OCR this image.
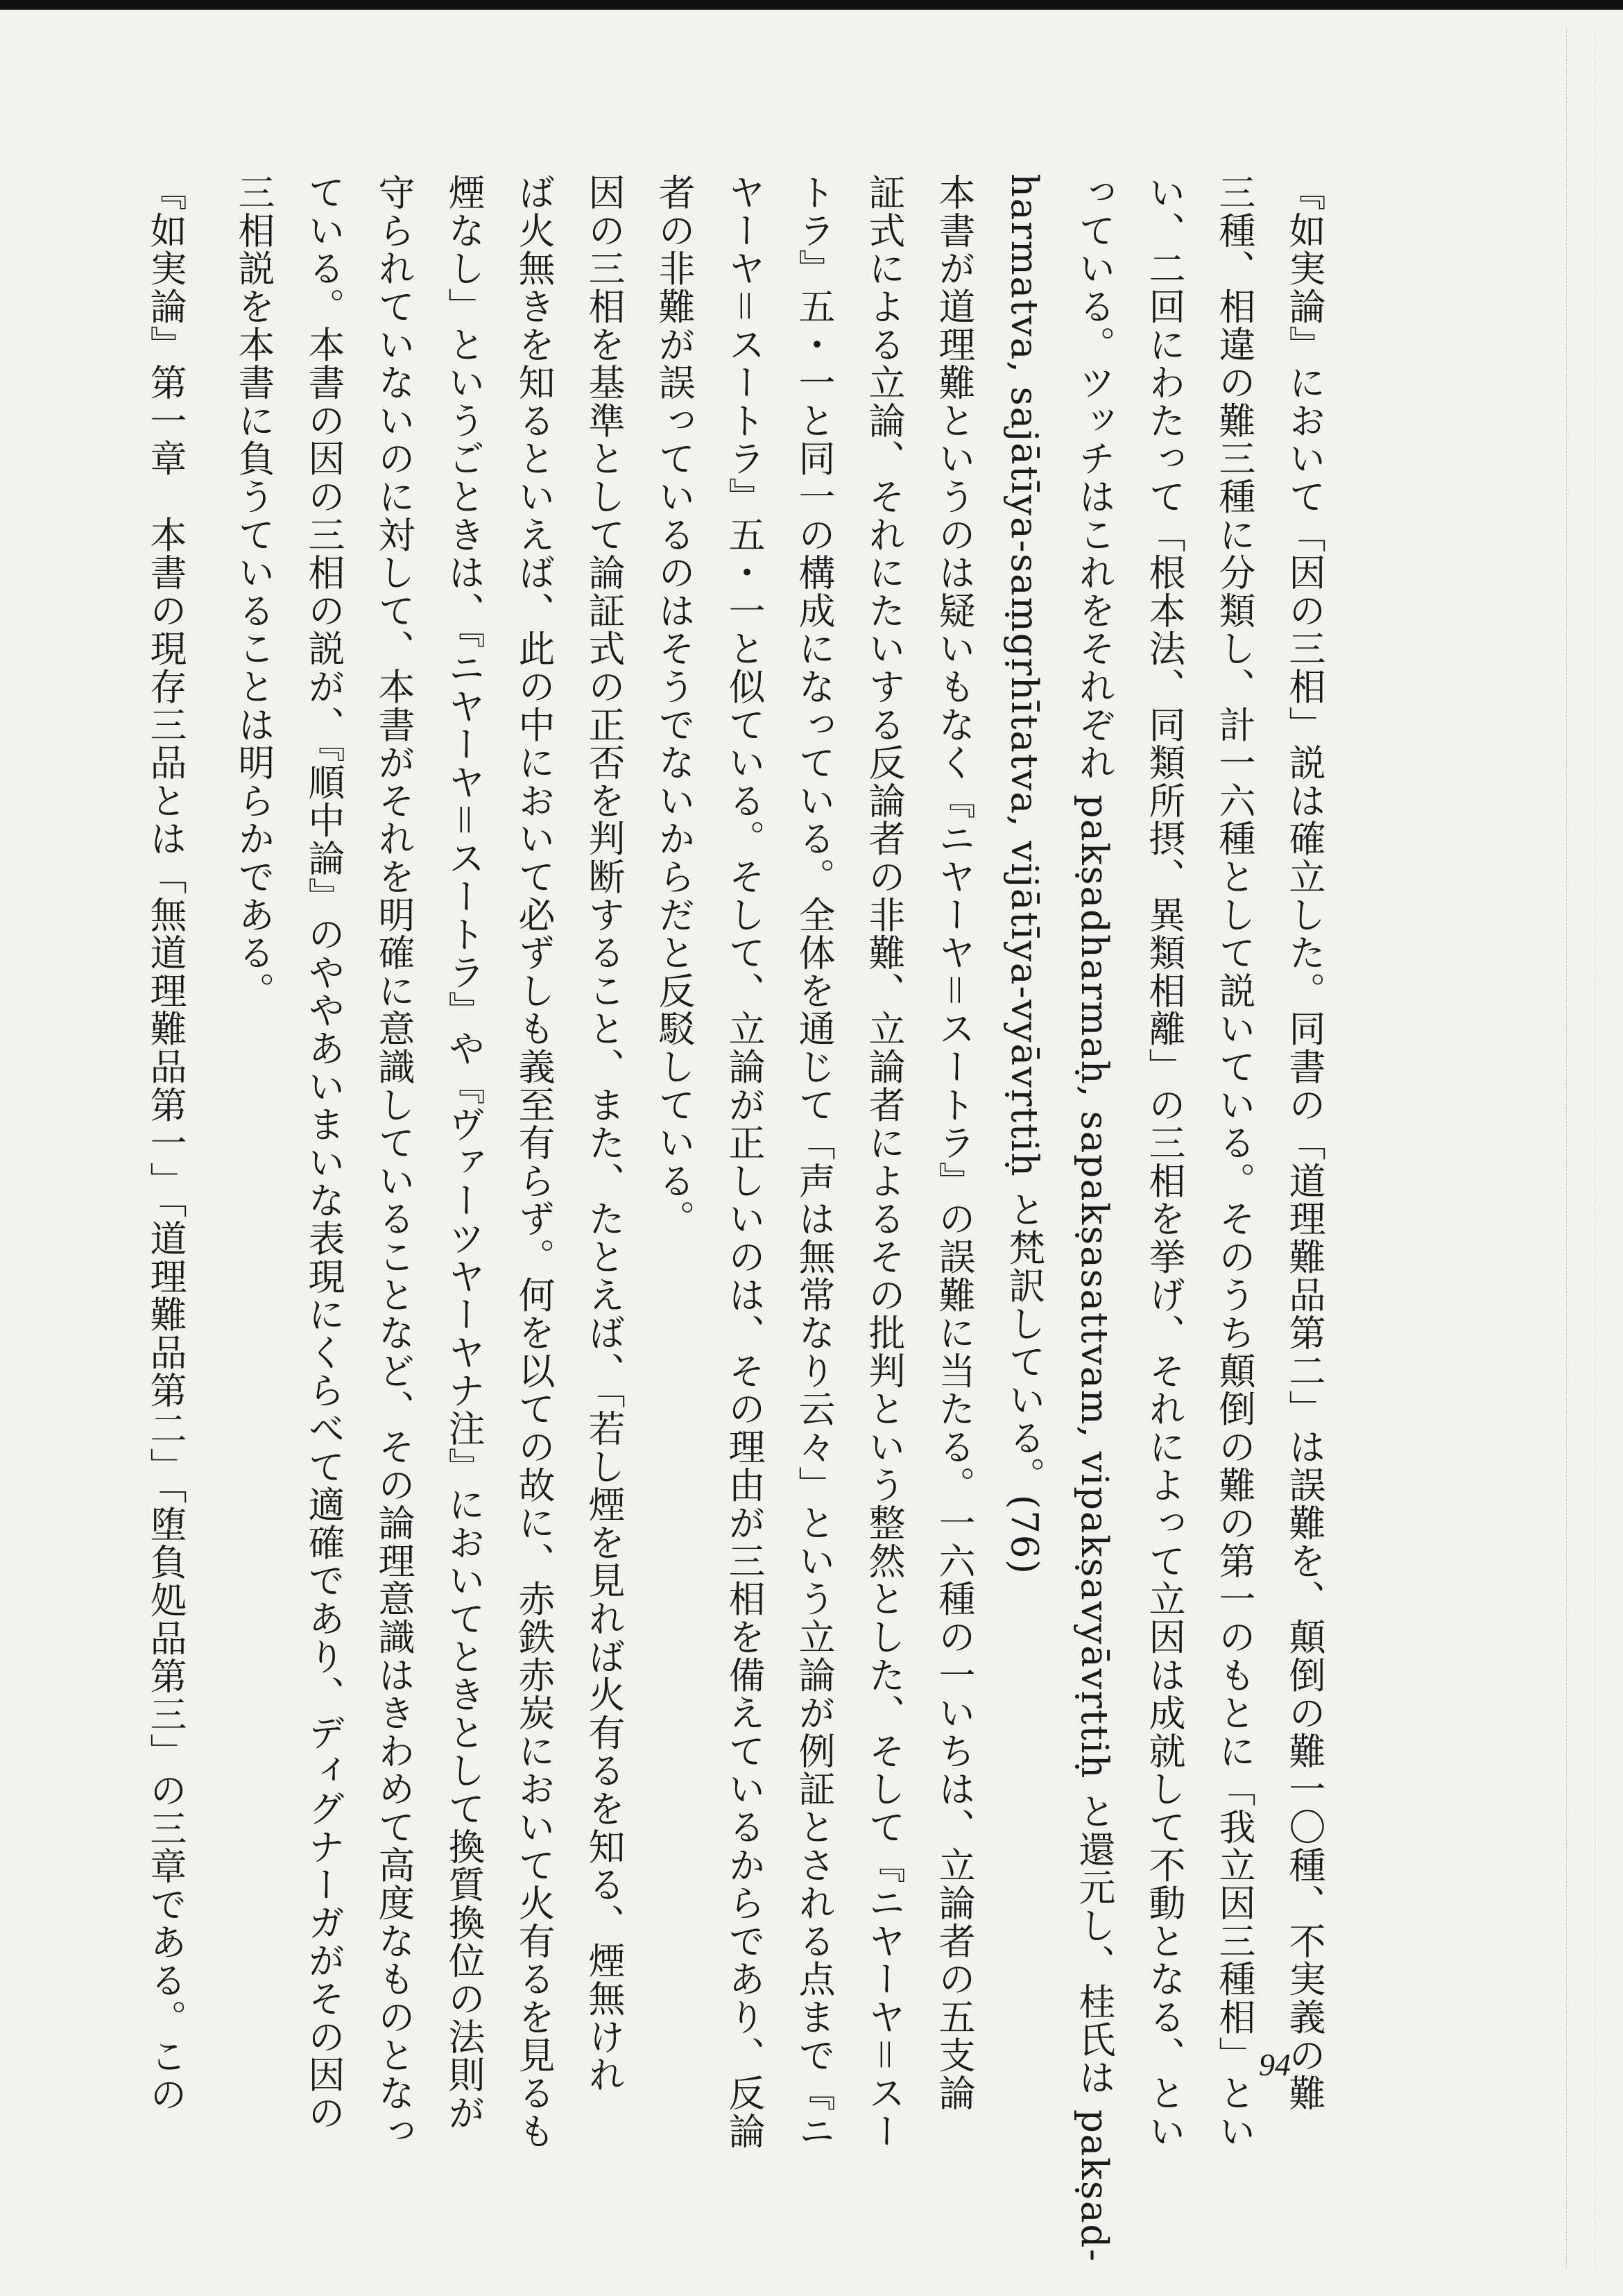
『如実論』において「因の三相」説は確立した。同書の「道理難品第二」は誤難を、顛倒の難一〇種、不実義の難
三種、相違の難三種に分類し、計一六種として説いている。そのうち顛倒の難の第一のもとに「我立因三種相」とい
い、二回にわたって「根本法、同類所摂、異類相離」の三相を挙げ、それによって立因は成就して不動となる、とい
っている。ツッチはこれをそれぞれ pakṣadharmaḥ, sapakṣasattvam, vipakṣavyāvṛttiḥ と還元し、桂氏は pakṣad-
harmatva, sajātīya-saṃgṛhītatva, vijātīya-vyāvṛttiḥ と梵訳している。(76)
本書が道理難というのは疑いもなく『ニヤーヤ＝スートラ』の誤難に当たる。一六種の一いちは、立論者の五支論
証式による立論、それにたいする反論者の非難、立論者によるその批判という整然とした、そして『ニヤーヤ＝スー
トラ』五・一と同一の構成になっている。全体を通じて「声は無常なり云々」という立論が例証とされる点まで『ニ
ヤーヤ＝スートラ』五・一と似ている。そして、立論が正しいのは、その理由が三相を備えているからであり、反論
者の非難が誤っているのはそうでないからだと反駁している。
因の三相を基準として論証式の正否を判断すること、また、たとえば、「若し煙を見れば火有るを知る、煙無けれ
ば火無きを知るといえば、此の中において必ずしも義至有らず。何を以ての故に、赤鉄赤炭において火有るを見るも
煙なし」というごときは、『ニヤーヤ＝スートラ』や『ヴァーツヤーヤナ注』においてときとして換質換位の法則が
守られていないのに対して、本書がそれを明確に意識していることなど、その論理意識はきわめて高度なものとなっ
ている。本書の因の三相の説が、『順中論』のややあいまいな表現にくらべて適確であり、ディグナーガがその因の
三相説を本書に負うていることは明らかである。
『如実論』第一章　本書の現存三品とは「無道理難品第一」「道理難品第二」「堕負処品第三」の三章である。この	94
